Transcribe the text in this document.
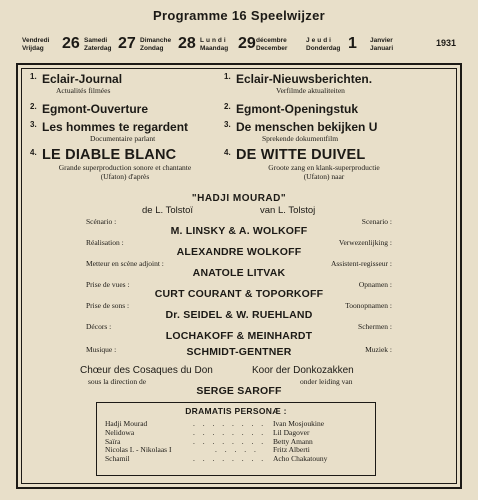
Programme 16 Speelwijzer
Vendredi
Vrijdag 26 Samedi
Zaterdag 27 Dimanche
Zondag 28 Lundi
Maandag 29 décembre
December
Jeudi
Donderdag 1 Janvier
Januari
1931
1. Eclair-Journal
Actualités filmées
2. Egmont-Ouverture
3. Les hommes te regardent
Documentaire parlant
4. LE DIABLE BLANC
Grande superproduction sonore et chantante (Ufaton) d'après
1. Eclair-Nieuwsberichten.
Verfilmde aktualiteiten
2. Egmont-Openingstuk
3. De menschen bekijken U
Sprekende dokumentfilm
4. DE WITTE DUIVEL
Groote zang en klank-superproductie (Ufaton) naar
"HADJI MOURAD"
de L. Tolstoï	van L. Tolstoj
Scénario :	Scenario :
M. LINSKY & A. WOLKOFF
Réalisation :	Verwezenlijking :
ALEXANDRE WOLKOFF
Metteur en scène adjoint :	Assistent-regisseur :
ANATOLE LITVAK
Prise de vues :	Opnamen :
CURT COURANT & TOPORKOFF
Prise de sons :	Toonopnamen :
Dr. SEIDEL & W. RUEHLAND
Décors :	Schermen :
LOCHAKOFF & MEINHARDT
Musique :	Muziek :
SCHMIDT-GENTNER
Chœur des Cosaques du Don	Koor der Donkozakken
sous la direction de	onder leiding van
SERGE SAROFF
DRAMATIS PERSONÆ :
Hadji Mourad	. . . . . . . . Ivan Mosjoukine
Nelidowa	. . . . . . . . Lil Dagover
Saïra	. . . . . . . . Betty Amann
Nicolas I. - Nikolaas I	. . . . . Fritz Alberti
Schamil	. . . . . . . . Acho Chakatouny
